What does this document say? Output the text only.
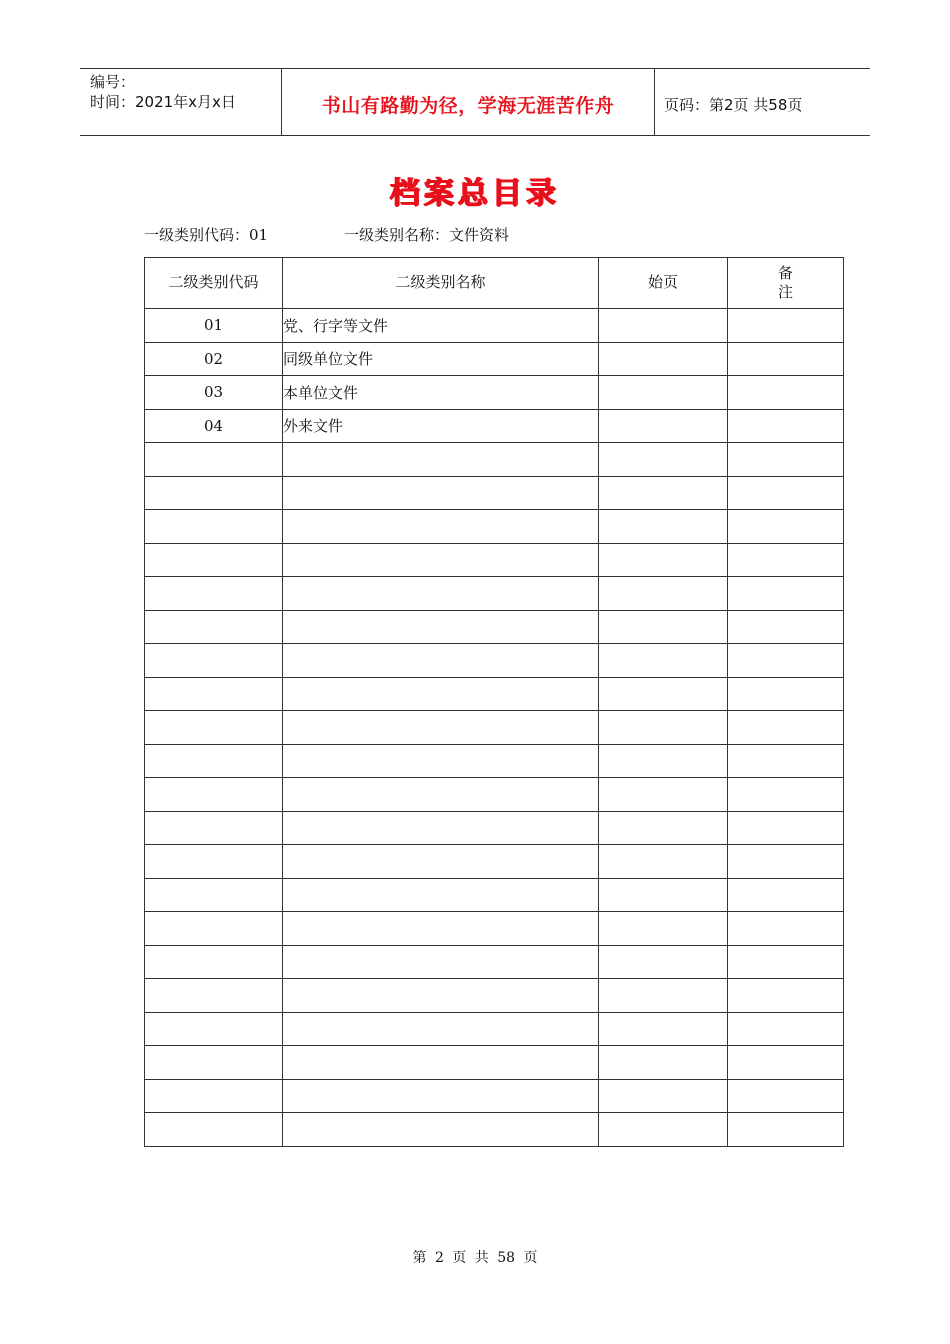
编号：
时间：2021年x月x日	书山有路勤为径，学海无涯苦作舟	页码：第2页 共58页
档案总目录
一级类别代码：01	一级类别名称：文件资料
二级类别代码	二级类别名称	始页	备
注

01	党、行字等文件		
02	同级单位文件		
03	本单位文件		
04	外来文件		

第 2 页 共 58 页
